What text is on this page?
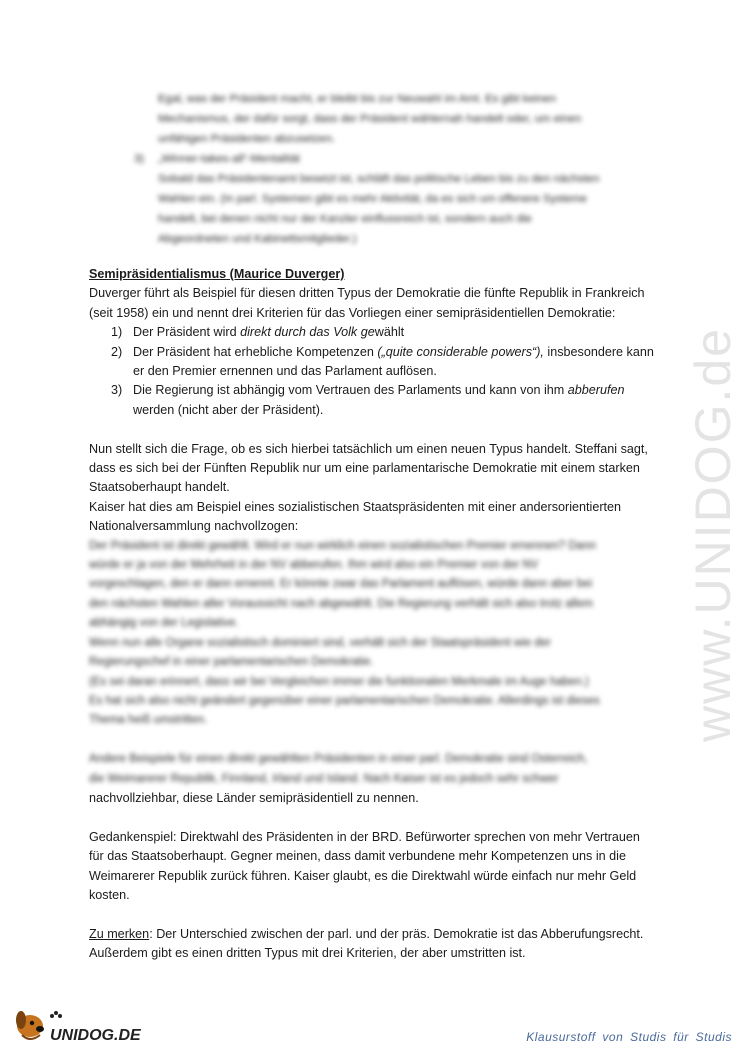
Egal, was der Präsident macht, er bleibt bis zur Neuwahl im Amt. Es gibt keinen
Mechanismus, der dafür sorgt, dass der Präsident wählernah handelt oder, um einen
unfähigen Präsidenten abzusetzen.
3)	„Winner-takes-all“-Mentalität
Sobald das Präsidentenamt besetzt ist, schläft das politische Leben bis zu den nächsten
Wahlen ein. (In parl. Systemen gibt es mehr Aktivität, da es sich um offenere Systeme
handelt, bei denen nicht nur der Kanzler einflussreich ist, sondern auch die
Abgeordneten und Kabinettsmitglieder.)

Semipräsidentialismus (Maurice Duverger)

Duverger führt als Beispiel für diesen dritten Typus der Demokratie die fünfte Republik in Frankreich

(seit 1958) ein und nennt drei Kriterien für das Vorliegen einer semipräsidentiellen Demokratie:

1) Der Präsident wird direkt durch das Volk gewählt
2) Der Präsident hat erhebliche Kompetenzen („quite considerable powers“), insbesondere kann
er den Premier ernennen und das Parlament auflösen.
3) Die Regierung ist abhängig vom Vertrauen des Parlaments und kann von ihm abberufen
werden (nicht aber der Präsident).

Nun stellt sich die Frage, ob es sich hierbei tatsächlich um einen neuen Typus handelt. Steffani sagt,

dass es sich bei der Fünften Republik nur um eine parlamentarische Demokratie mit einem starken

Staatsoberhaupt handelt.

Kaiser hat dies am Beispiel eines sozialistischen Staatspräsidenten mit einer andersorientierten

Nationalversammlung nachvollzogen:

Der Präsident ist direkt gewählt. Wird er nun wirklich einen sozialistischen Premier ernennen? Dann
würde er ja von der Mehrheit in der NV abberufen. Ihm wird also ein Premier von der NV
vorgeschlagen, den er dann ernennt. Er könnte zwar das Parlament auflösen, würde dann aber bei
den nächsten Wahlen aller Voraussicht nach abgewählt. Die Regierung verhält sich also trotz allem
abhängig von der Legislative.
Wenn nun alle Organe sozialistisch dominiert sind, verhält sich der Staatspräsident wie der
Regierungschef in einer parlamentarischen Demokratie.
(Es sei daran erinnert, dass wir bei Vergleichen immer die funktionalen Merkmale im Auge haben.)
Es hat sich also nicht geändert gegenüber einer parlamentarischen Demokratie. Allerdings ist dieses
Thema heiß umstritten.
Andere Beispiele für einen direkt gewählten Präsidenten in einer parl. Demokratie sind Österreich,
die Weimarerer Republik, Finnland, Irland und Island. Nach Kaiser ist es jedoch sehr schwer

nachvollziehbar, diese Länder semipräsidentiell zu nennen.

Gedankenspiel: Direktwahl des Präsidenten in der BRD. Befürworter sprechen von mehr Vertrauen

für das Staatsoberhaupt. Gegner meinen, dass damit verbundene mehr Kompetenzen uns in die

Weimarerer Republik zurück führen. Kaiser glaubt, es die Direktwahl würde einfach nur mehr Geld

kosten.

Zu merken: Der Unterschied zwischen der parl. und der präs. Demokratie ist das Abberufungsrecht.

Außerdem gibt es einen dritten Typus mit drei Kriterien, der aber umstritten ist.

www.UNIDOG.de
UNIDOG.DE	Klausurstoff von Studis für Studis
